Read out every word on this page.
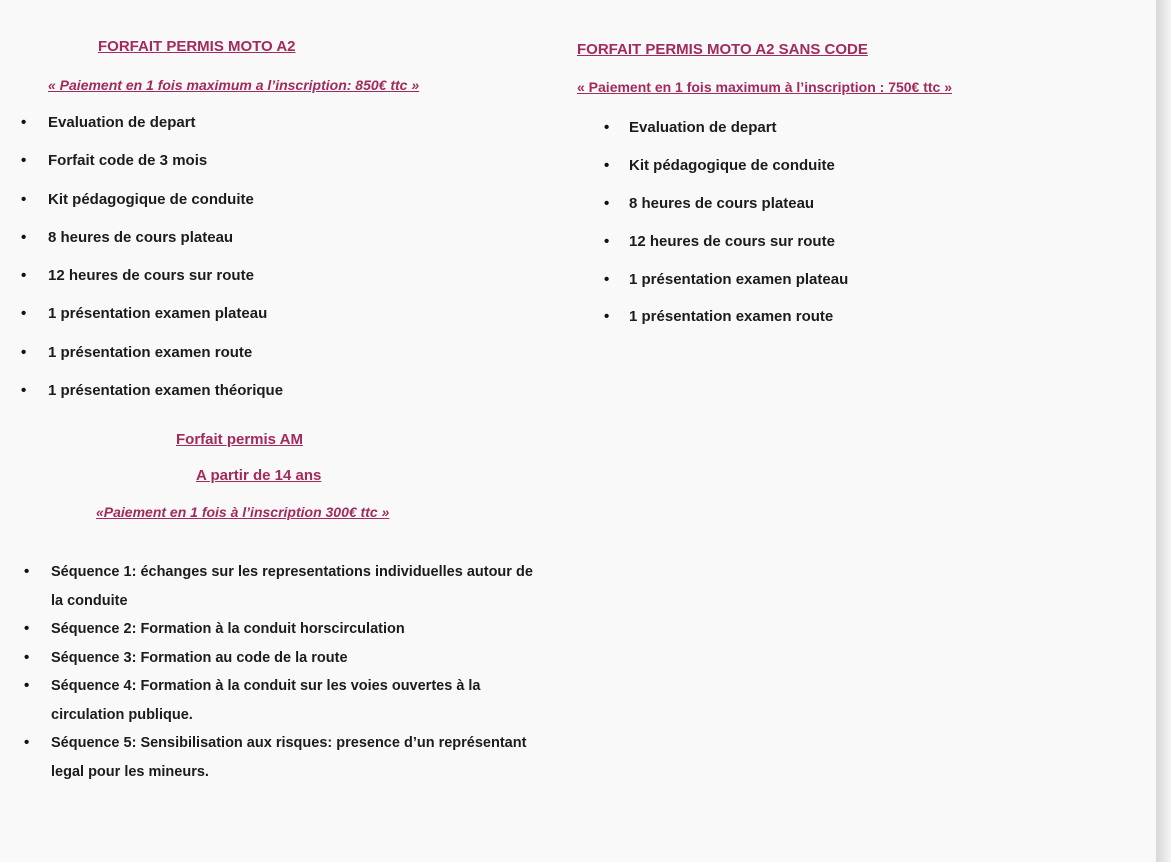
FORFAIT PERMIS MOTO A2

« Paiement en 1 fois maximum a l’inscription: 850€ ttc »

• Evaluation de depart
• Forfait code de 3 mois
• Kit pédagogique de conduite
• 8 heures de cours plateau
• 12 heures de cours sur route
• 1 présentation examen plateau
• 1 présentation examen route
• 1 présentation examen théorique
FORFAIT PERMIS MOTO A2 SANS CODE

« Paiement en 1 fois maximum à l’inscription : 750€ ttc »

• Evaluation de depart
• Kit pédagogique de conduite
• 8 heures de cours plateau
• 12 heures de cours sur route
• 1 présentation examen plateau
• 1 présentation examen route
Forfait permis AM

A partir de 14 ans

«Paiement en 1 fois à l’inscription 300€ ttc »

• Séquence 1: échanges sur les representations individuelles autour de la conduite
• Séquence 2: Formation à la conduit horscirculation
• Séquence 3: Formation au code de la route
• Séquence 4: Formation à la conduit sur les voies ouvertes à la circulation publique.
• Séquence 5: Sensibilisation aux risques: presence d’un représentant legal pour les mineurs.
